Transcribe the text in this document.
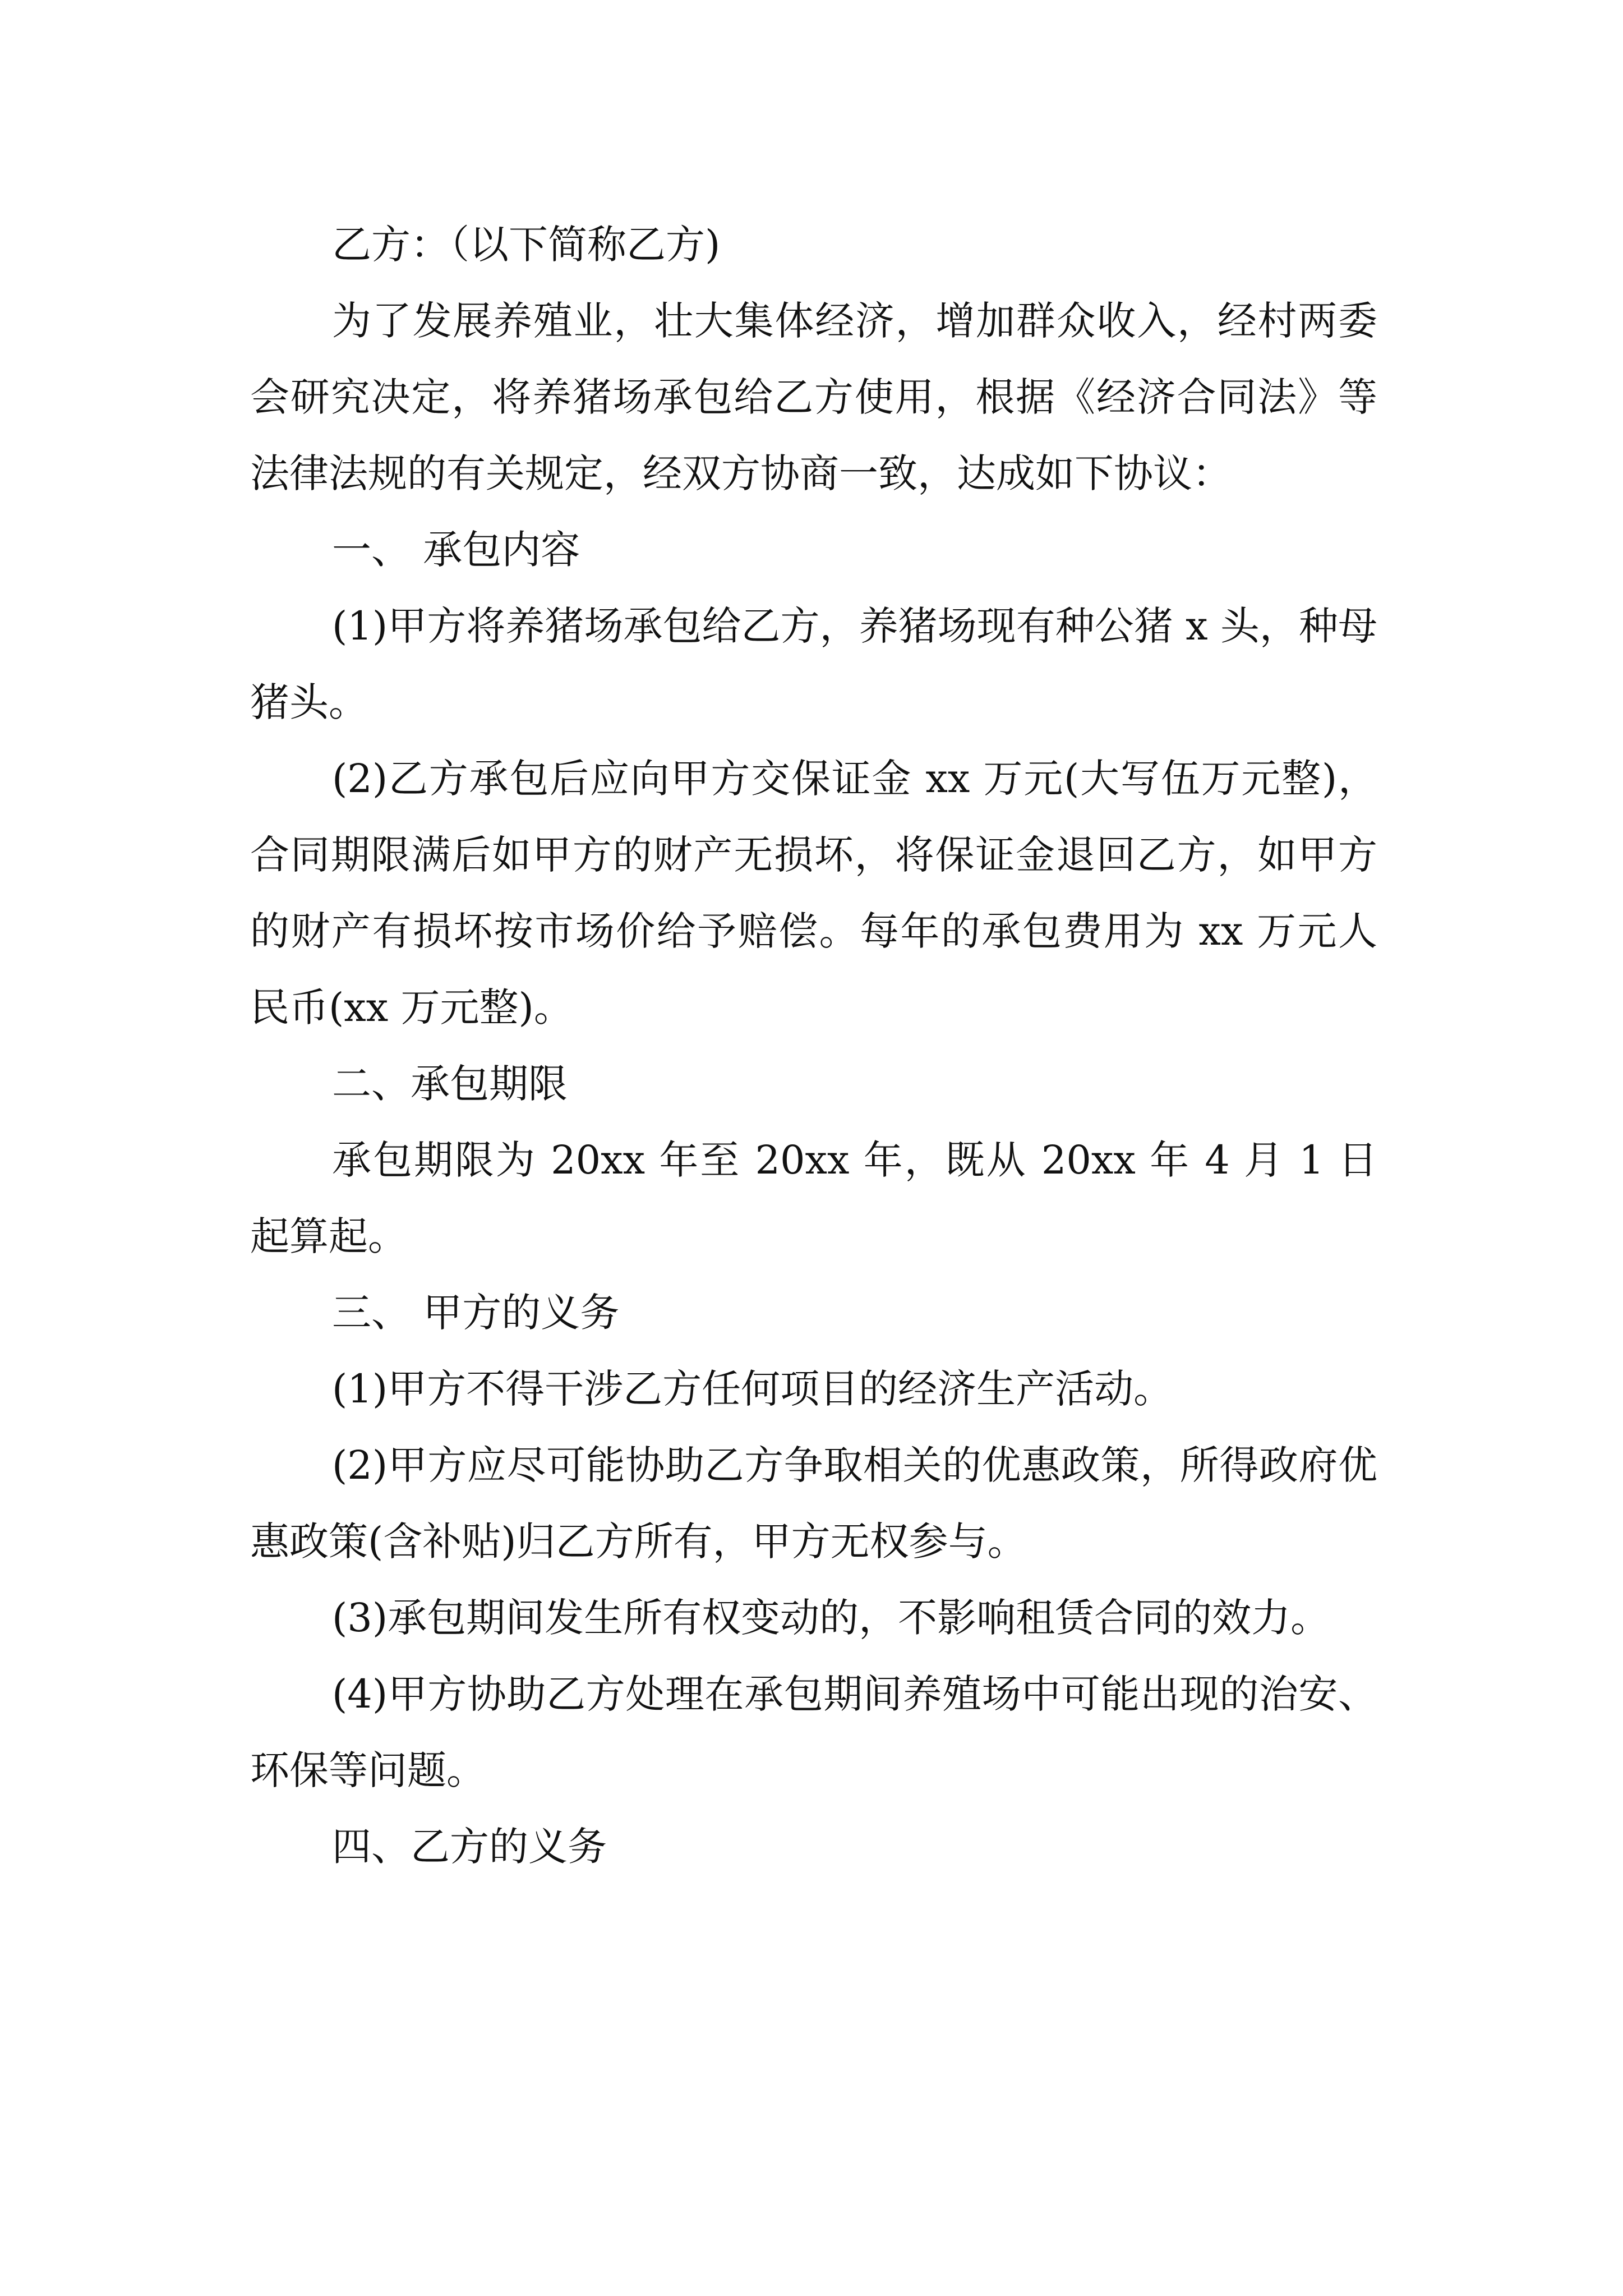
乙方：（以下简称乙方)

为了发展养殖业，壮大集体经济，增加群众收入，经村两委会研究决定，将养猪场承包给乙方使用，根据《经济合同法》等法律法规的有关规定，经双方协商一致，达成如下协议：

一、 承包内容

(1)甲方将养猪场承包给乙方，养猪场现有种公猪 x 头，种母猪头。

(2)乙方承包后应向甲方交保证金 xx 万元(大写伍万元整)，合同期限满后如甲方的财产无损坏，将保证金退回乙方，如甲方的财产有损坏按市场价给予赔偿。每年的承包费用为 xx 万元人民币(xx 万元整)。

二、承包期限

承包期限为 20xx 年至 20xx 年，既从 20xx 年 4 月 1 日起算起。

三、 甲方的义务

(1)甲方不得干涉乙方任何项目的经济生产活动。

(2)甲方应尽可能协助乙方争取相关的优惠政策，所得政府优惠政策(含补贴)归乙方所有，甲方无权参与。

(3)承包期间发生所有权变动的，不影响租赁合同的效力。

(4)甲方协助乙方处理在承包期间养殖场中可能出现的治安、环保等问题。

四、乙方的义务
